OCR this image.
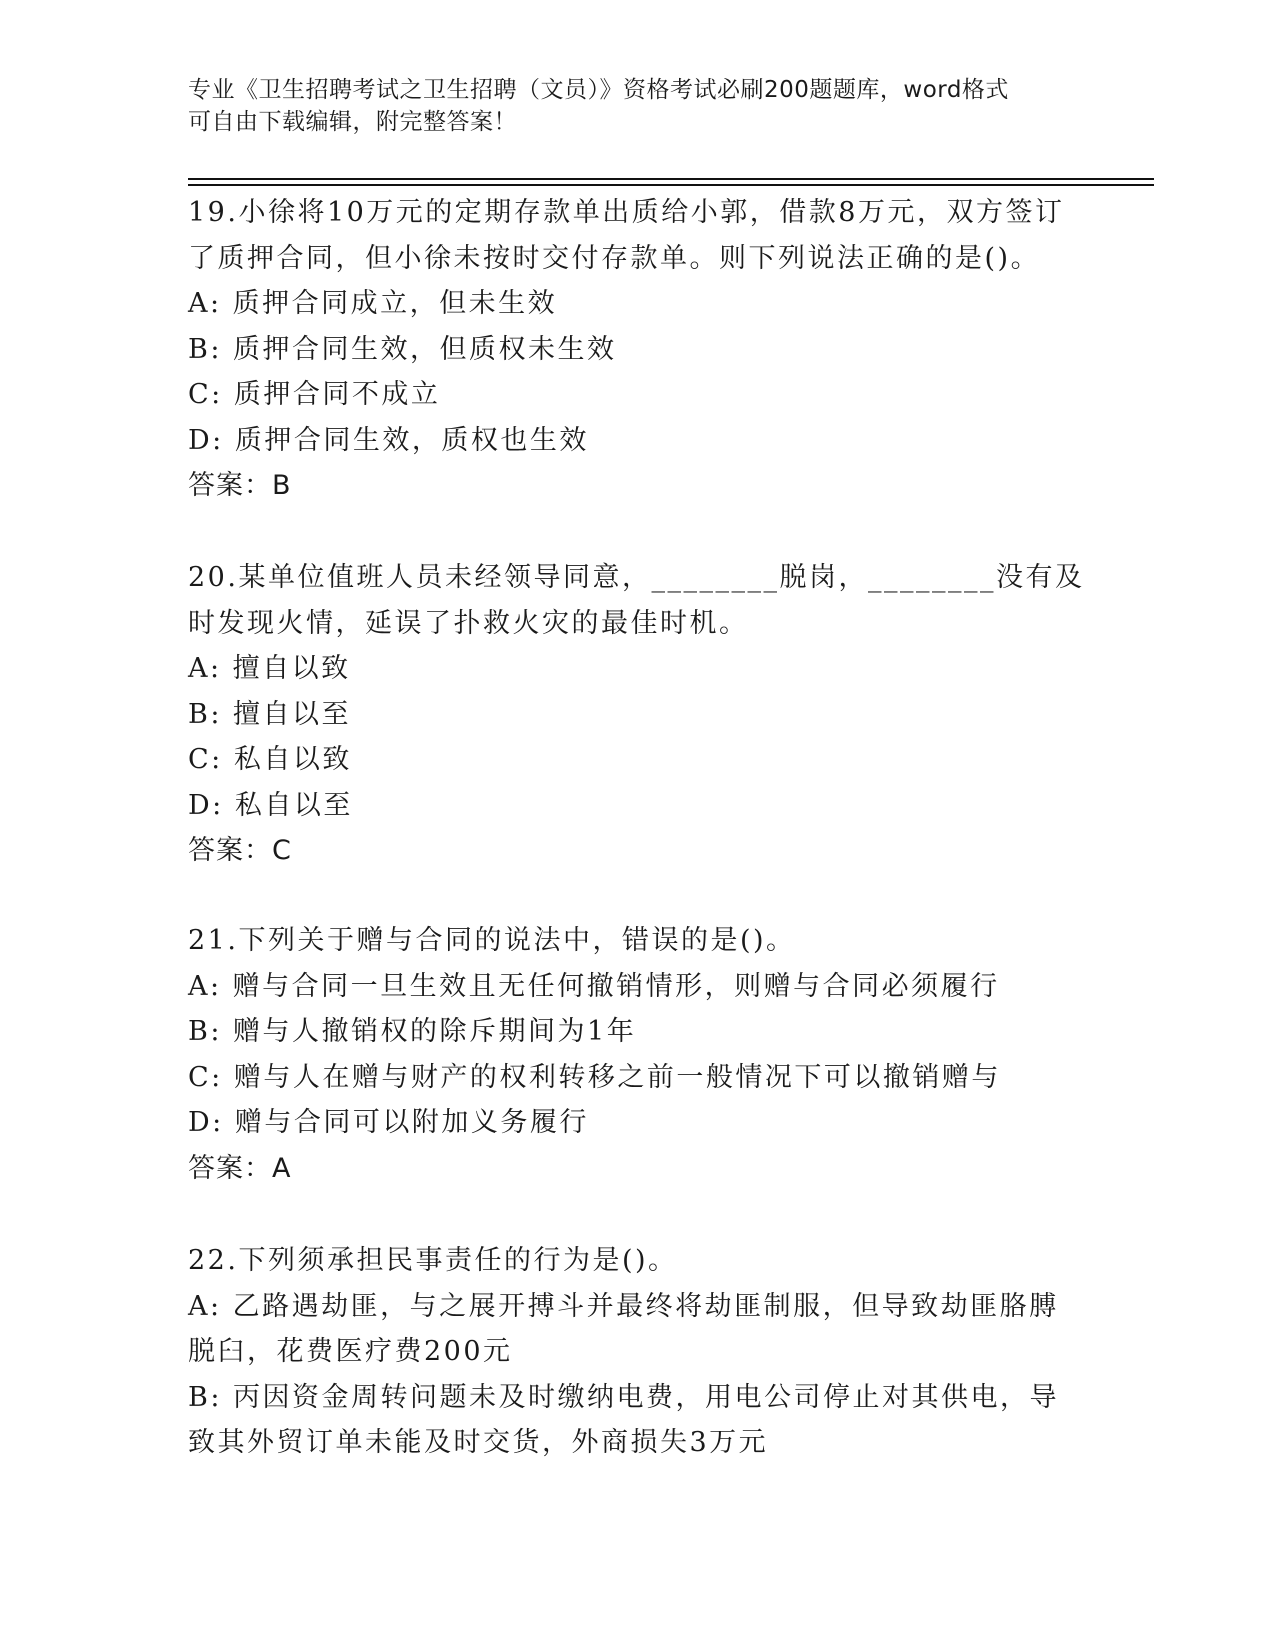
专业《卫生招聘考试之卫生招聘（文员）》资格考试必刷200题题库，word格式
可自由下载编辑，附完整答案！

19.小徐将10万元的定期存款单出质给小郭，借款8万元，双方签订了质押合同，但小徐未按时交付存款单。则下列说法正确的是()。

A: 质押合同成立，但未生效

B: 质押合同生效，但质权未生效

C: 质押合同不成立

D: 质押合同生效，质权也生效

答案：B

20.某单位值班人员未经领导同意，________脱岗，________没有及时发现火情，延误了扑救火灾的最佳时机。

A: 擅自以致

B: 擅自以至

C: 私自以致

D: 私自以至

答案：C

21.下列关于赠与合同的说法中，错误的是()。

A: 赠与合同一旦生效且无任何撤销情形，则赠与合同必须履行

B: 赠与人撤销权的除斥期间为1年

C: 赠与人在赠与财产的权利转移之前一般情况下可以撤销赠与

D: 赠与合同可以附加义务履行

答案：A

22.下列须承担民事责任的行为是()。

A: 乙路遇劫匪，与之展开搏斗并最终将劫匪制服，但导致劫匪胳膊脱臼，花费医疗费200元

B: 丙因资金周转问题未及时缴纳电费，用电公司停止对其供电，导致其外贸订单未能及时交货，外商损失3万元
